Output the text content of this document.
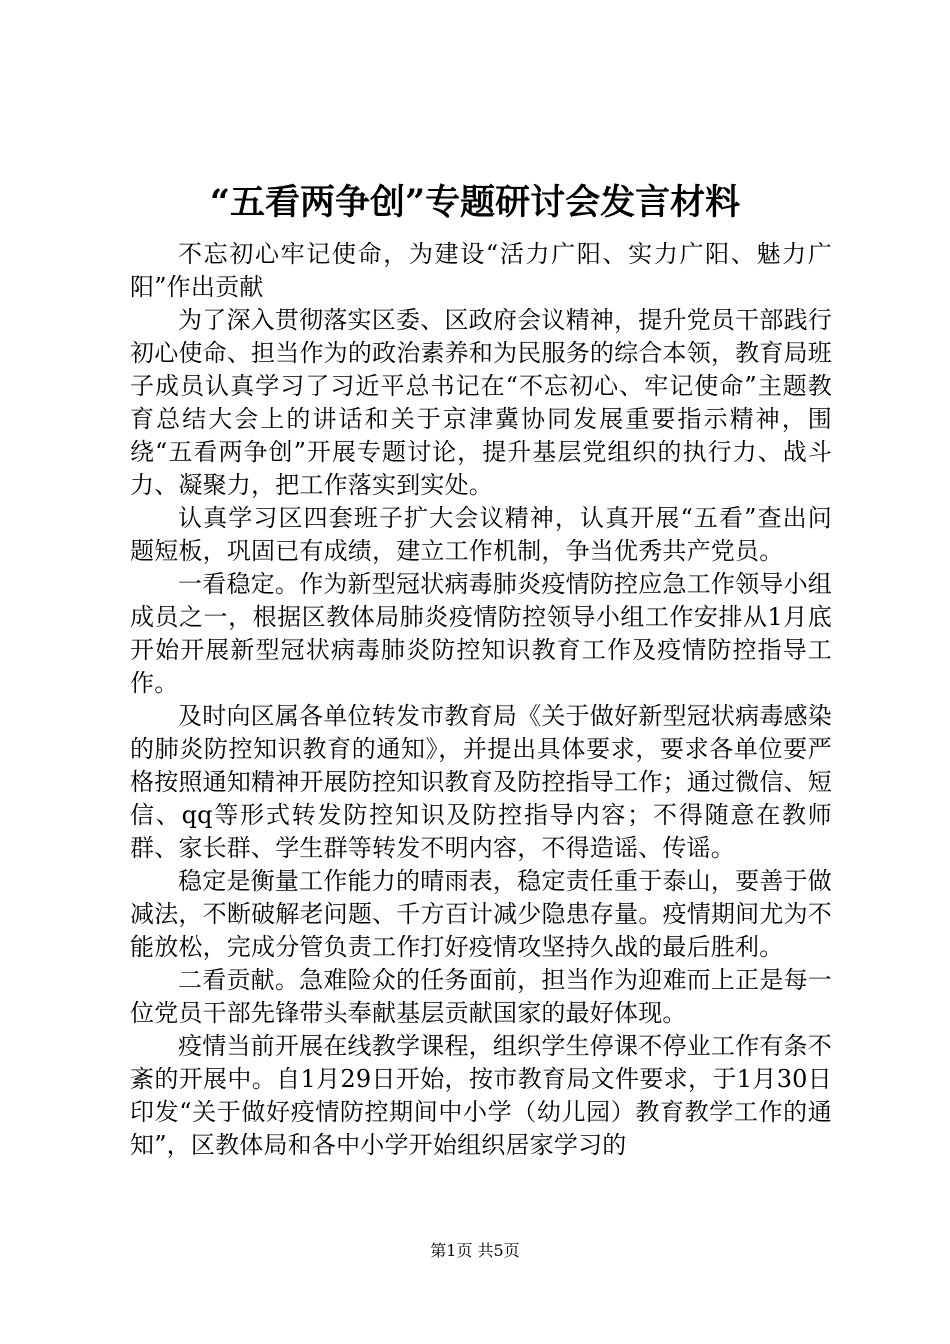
“五看两争创”专题研讨会发言材料

不忘初心牢记使命，为建设“活力广阳、实力广阳、魅力广阳”作出贡献

为了深入贯彻落实区委、区政府会议精神，提升党员干部践行初心使命、担当作为的政治素养和为民服务的综合本领，教育局班子成员认真学习了习近平总书记在“不忘初心、牢记使命”主题教育总结大会上的讲话和关于京津冀协同发展重要指示精神，围绕“五看两争创”开展专题讨论，提升基层党组织的执行力、战斗力、凝聚力，把工作落实到实处。

认真学习区四套班子扩大会议精神，认真开展“五看”查出问题短板，巩固已有成绩，建立工作机制，争当优秀共产党员。

一看稳定。作为新型冠状病毒肺炎疫情防控应急工作领导小组成员之一，根据区教体局肺炎疫情防控领导小组工作安排从1月底开始开展新型冠状病毒肺炎防控知识教育工作及疫情防控指导工作。

及时向区属各单位转发市教育局《关于做好新型冠状病毒感染的肺炎防控知识教育的通知》，并提出具体要求，要求各单位要严格按照通知精神开展防控知识教育及防控指导工作；通过微信、短信、qq等形式转发防控知识及防控指导内容；不得随意在教师群、家长群、学生群等转发不明内容，不得造谣、传谣。

稳定是衡量工作能力的晴雨表，稳定责任重于泰山，要善于做减法，不断破解老问题、千方百计减少隐患存量。疫情期间尤为不能放松，完成分管负责工作打好疫情攻坚持久战的最后胜利。

二看贡献。急难险众的任务面前，担当作为迎难而上正是每一位党员干部先锋带头奉献基层贡献国家的最好体现。

疫情当前开展在线教学课程，组织学生停课不停业工作有条不紊的开展中。自1月29日开始，按市教育局文件要求，于1月30日印发“关于做好疫情防控期间中小学（幼儿园）教育教学工作的通知”，区教体局和各中小学开始组织居家学习的

第1页 共5页
